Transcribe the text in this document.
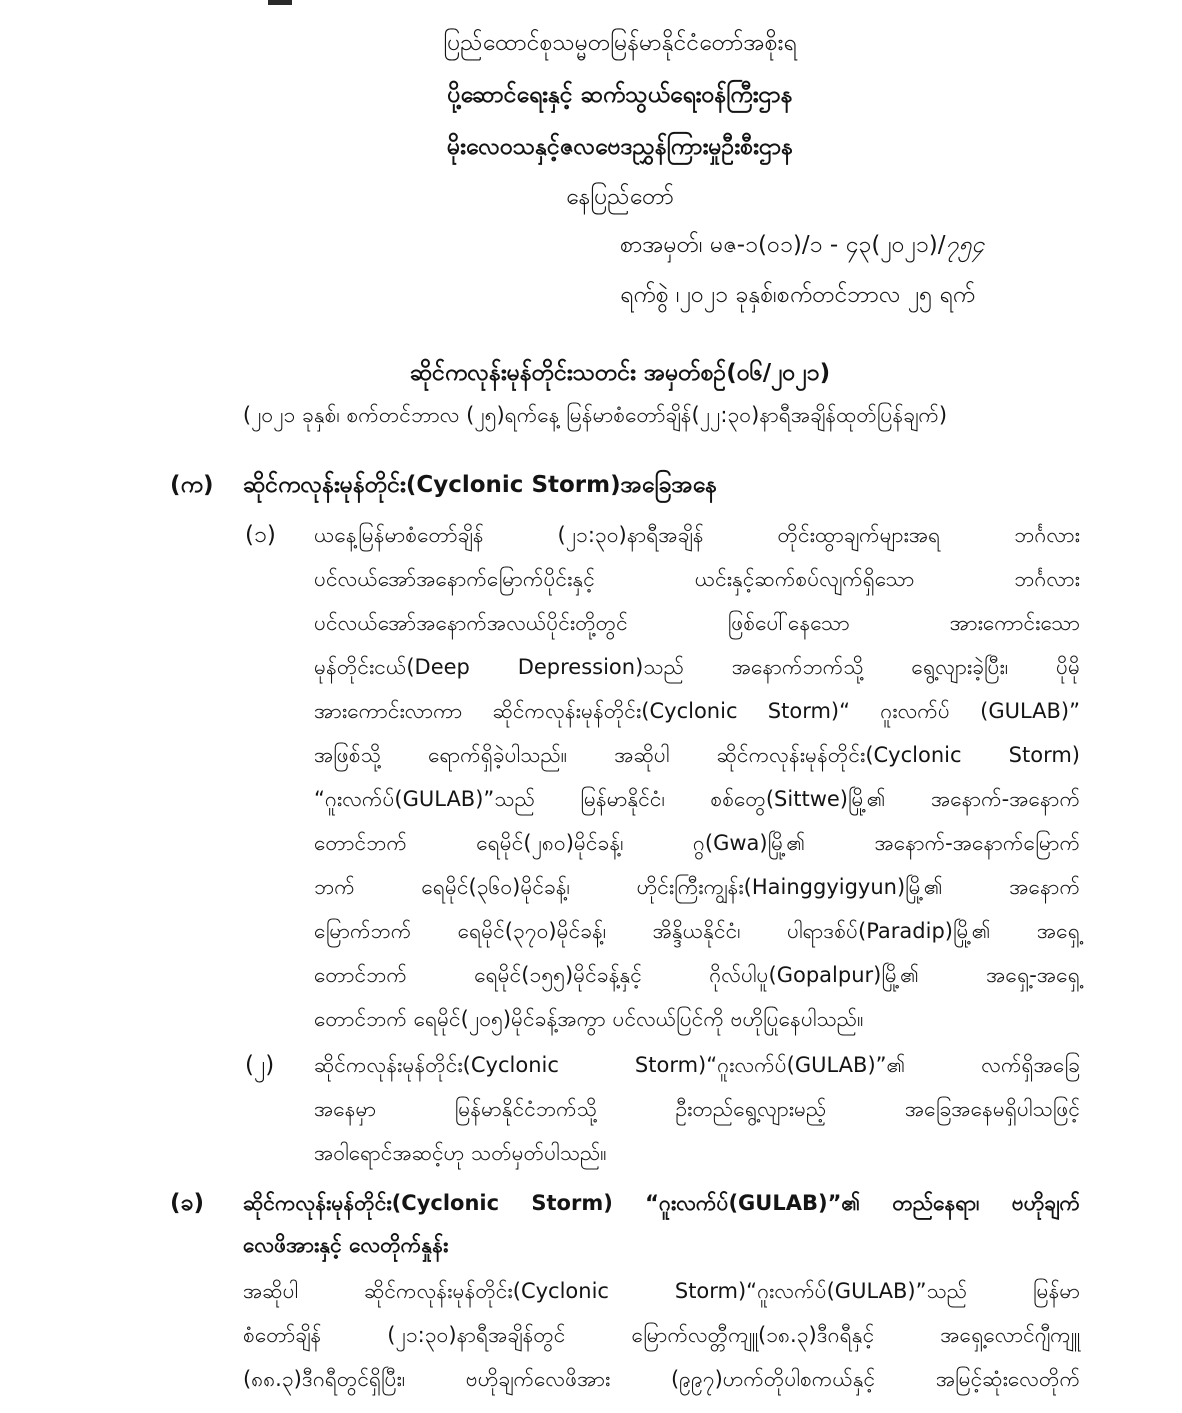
ပြည်ထောင်စုသမ္မတမြန်မာနိုင်ငံတော်အစိုးရ
ပို့ဆောင်ရေးနှင့် ဆက်သွယ်ရေးဝန်ကြီးဌာန
မိုးလေဝသနှင့်ဇလဗေဒညွှန်ကြားမှုဦးစီးဌာန
နေပြည်တော်
စာအမှတ်၊ မဇ-၁(၀၁)/၁ - ၄၃(၂၀၂၁)/၇၅၄
ရက်စွဲ ၊၂၀၂၁ ခုနှစ်၊စက်တင်ဘာလ ၂၅ ရက်
ဆိုင်ကလုန်းမုန်တိုင်းသတင်း အမှတ်စဉ်(၀၆/၂၀၂၁)
(၂၀၂၁ ခုနှစ်၊ စက်တင်ဘာလ (၂၅)ရက်နေ့ မြန်မာစံတော်ချိန်(၂၂:၃၀)နာရီအချိန်ထုတ်ပြန်ချက်)
(က) ဆိုင်ကလုန်းမုန်တိုင်း(Cyclonic Storm)အခြေအနေ
(၁) ယနေ့မြန်မာစံတော်ချိန် (၂၁:၃၀)နာရီအချိန် တိုင်းထွာချက်များအရ ဘင်္ဂလား
ပင်လယ်အော်အနောက်မြောက်ပိုင်းနှင့် ယင်းနှင့်ဆက်စပ်လျက်ရှိသော ဘင်္ဂလား
ပင်လယ်အော်အနောက်အလယ်ပိုင်းတို့တွင် ဖြစ်ပေါ်နေသော အားကောင်းသော
မုန်တိုင်းငယ်(Deep Depression)သည် အနောက်ဘက်သို့ ရွေ့လျားခဲ့ပြီး၊ ပိုမို
အားကောင်းလာကာ ဆိုင်ကလုန်းမုန်တိုင်း(Cyclonic Storm)“ ဂူးလက်ပ် (GULAB)”
အဖြစ်သို့ ရောက်ရှိခဲ့ပါသည်။ အဆိုပါ ဆိုင်ကလုန်းမုန်တိုင်း(Cyclonic Storm)
“ဂူးလက်ပ်(GULAB)”သည် မြန်မာနိုင်ငံ၊ စစ်တွေ(Sittwe)မြို့၏ အနောက်-အနောက်
တောင်ဘက် ရေမိုင်(၂၈၀)မိုင်ခန့်၊ ဂွ(Gwa)မြို့၏ အနောက်-အနောက်မြောက်
ဘက် ရေမိုင်(၃၆၀)မိုင်ခန့်၊ ဟိုင်းကြီးကျွန်း(Hainggyigyun)မြို့၏ အနောက်
မြောက်ဘက် ရေမိုင်(၃၇၀)မိုင်ခန့်၊ အိန္ဒိယနိုင်ငံ၊ ပါရာဒစ်ပ်(Paradip)မြို့၏ အရှေ့
တောင်ဘက် ရေမိုင်(၁၅၅)မိုင်ခန့်နှင့် ဂိုလ်ပါပူ(Gopalpur)မြို့၏ အရှေ့-အရှေ့
တောင်ဘက် ရေမိုင်(၂၀၅)မိုင်ခန့်အကွာ ပင်လယ်ပြင်ကို ဗဟိုပြုနေပါသည်။
(၂) ဆိုင်ကလုန်းမုန်တိုင်း(Cyclonic Storm)“ဂူးလက်ပ်(GULAB)”၏ လက်ရှိအခြေ
အနေမှာ မြန်မာနိုင်ငံဘက်သို့ ဦးတည်ရွေ့လျားမည့် အခြေအနေမရှိပါသဖြင့်
အဝါရောင်အဆင့်ဟု သတ်မှတ်ပါသည်။
(ခ) ဆိုင်ကလုန်းမုန်တိုင်း(Cyclonic Storm) “ဂူးလက်ပ်(GULAB)”၏ တည်နေရာ၊ ဗဟိုချက်
လေဖိအားနှင့် လေတိုက်နှုန်း
အဆိုပါ ဆိုင်ကလုန်းမုန်တိုင်း(Cyclonic Storm)“ဂူးလက်ပ်(GULAB)”သည် မြန်မာ
စံတော်ချိန် (၂၁:၃၀)နာရီအချိန်တွင် မြောက်လတ္တီကျူ(၁၈.၃)ဒီဂရီနှင့် အရှေ့လောင်ဂျီကျူ
(၈၈.၃)ဒီဂရီတွင်ရှိပြီး၊ ဗဟိုချက်လေဖိအား (၉၉၇)ဟက်တိုပါစကယ်နှင့် အမြင့်ဆုံးလေတိုက်
